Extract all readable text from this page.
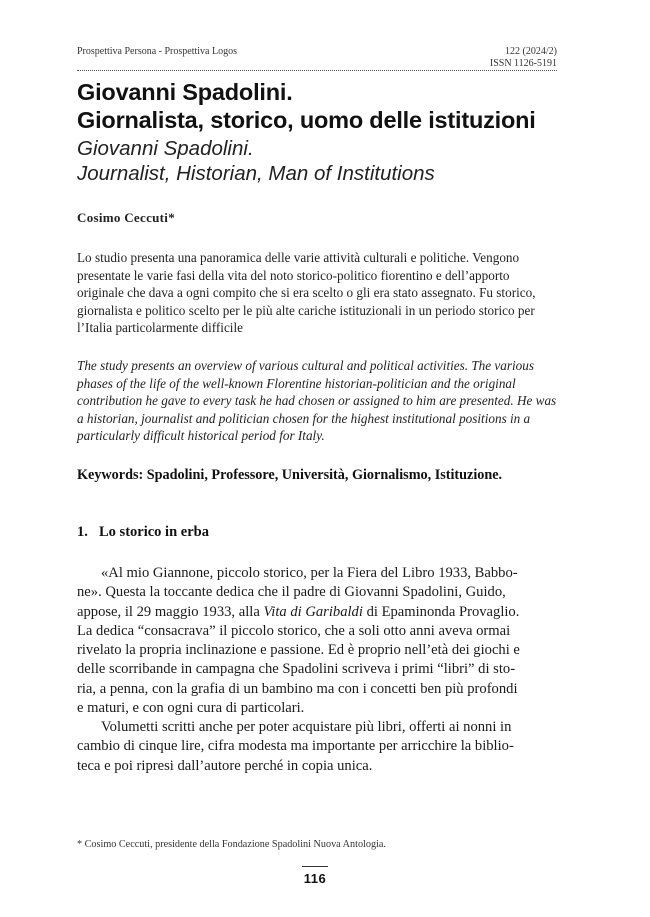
Prospettiva Persona - Prospettiva Logos	122 (2024/2)
ISSN 1126-5191
Giovanni Spadolini.
Giornalista, storico, uomo delle istituzioni
Giovanni Spadolini.
Journalist, Historian, Man of Institutions
Cosimo Ceccuti*

Lo studio presenta una panoramica delle varie attività culturali e politiche. Vengono presentate le varie fasi della vita del noto storico-politico fiorentino e dell’apporto originale che dava a ogni compito che si era scelto o gli era stato assegnato. Fu storico, giornalista e politico scelto per le più alte cariche istituzionali in un periodo storico per l’Italia particolarmente difficile

The study presents an overview of various cultural and political activities. The various phases of the life of the well-known Florentine historian-politician and the original contribution he gave to every task he had chosen or assigned to him are presented. He was a historian, journalist and politician chosen for the highest institutional positions in a particularly difficult historical period for Italy.

Keywords: Spadolini, Professore, Università, Giornalismo, Istituzione.
1. Lo storico in erba

«Al mio Giannone, piccolo storico, per la Fiera del Libro 1933, Babbo-
ne». Questa la toccante dedica che il padre di Giovanni Spadolini, Guido,
appose, il 29 maggio 1933, alla Vita di Garibaldi di Epaminonda Provaglio.
La dedica “consacrava” il piccolo storico, che a soli otto anni aveva ormai
rivelato la propria inclinazione e passione. Ed è proprio nell’età dei giochi e
delle scorribande in campagna che Spadolini scriveva i primi “libri” di sto-
ria, a penna, con la grafia di un bambino ma con i concetti ben più profondi
e maturi, e con ogni cura di particolari.

Volumetti scritti anche per poter acquistare più libri, offerti ai nonni in
cambio di cinque lire, cifra modesta ma importante per arricchire la biblio-
teca e poi ripresi dall’autore perché in copia unica.

* Cosimo Ceccuti, presidente della Fondazione Spadolini Nuova Antologia.
116
